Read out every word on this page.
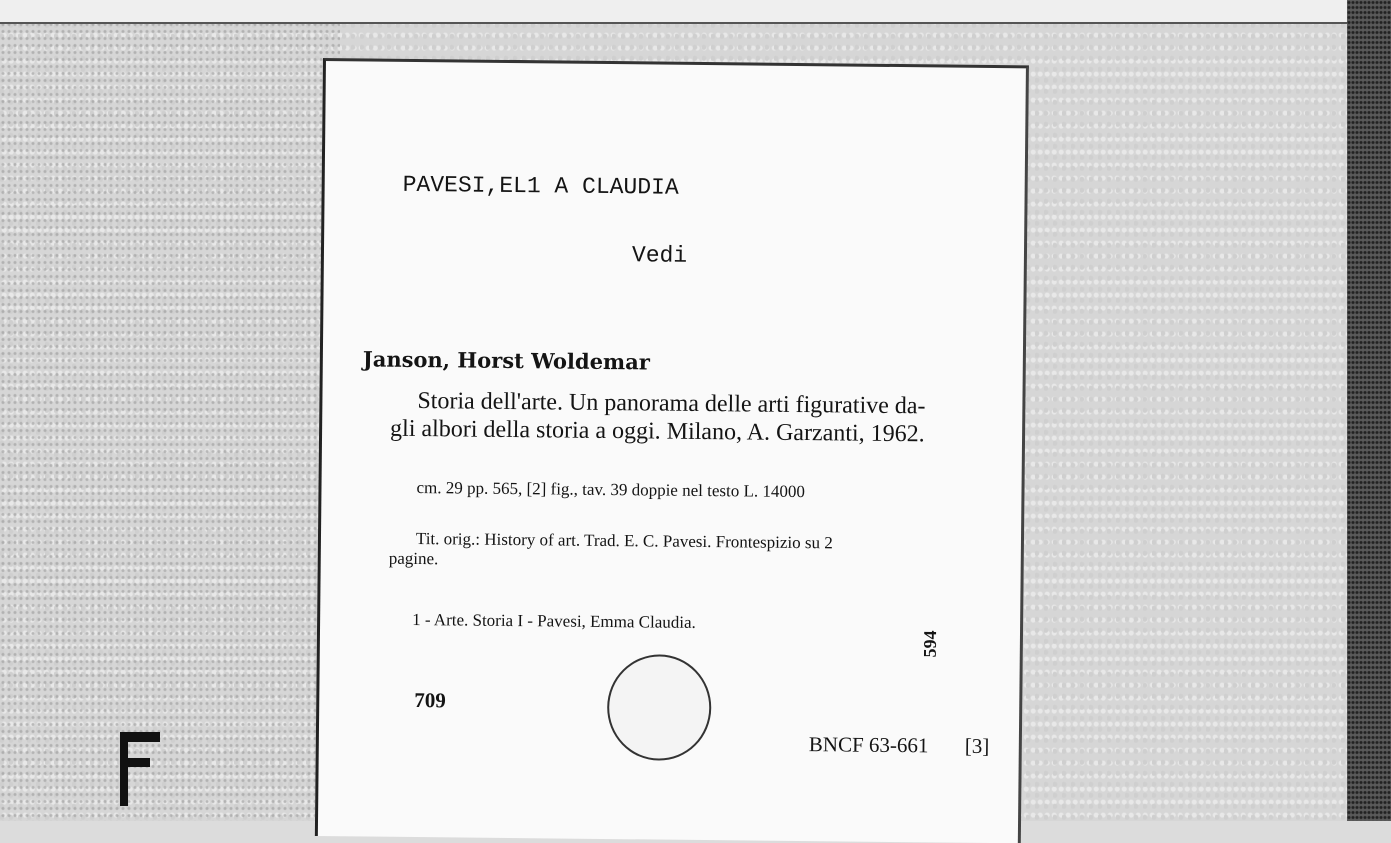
PAVESI,EL1 A CLAUDIA
Vedi
Janson, Horst Woldemar
Storia dell'arte. Un panorama delle arti figurative da-
gli albori della storia a oggi. Milano, A. Garzanti, 1962.
cm. 29 pp. 565, [2] fig., tav. 39 doppie nel testo L. 14000
Tit. orig.: History of art. Trad. E. C. Pavesi. Frontespizio su 2
pagine.
1 - Arte. Storia I - Pavesi, Emma Claudia.
709
594
BNCF 63-661 [3]
